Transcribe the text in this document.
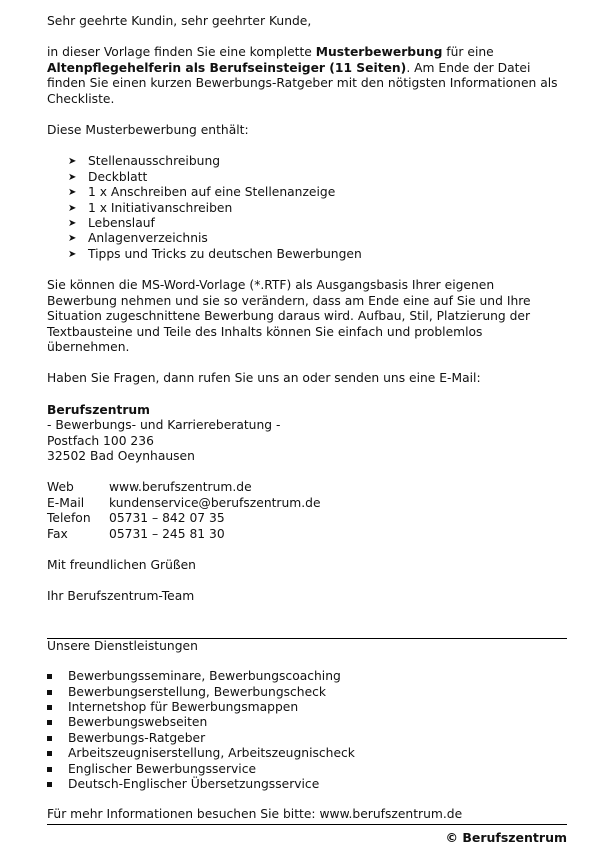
Sehr geehrte Kundin, sehr geehrter Kunde,

in dieser Vorlage finden Sie eine komplette Musterbewerbung für eine Altenpflegehelferin als Berufseinsteiger (11 Seiten). Am Ende der Datei finden Sie einen kurzen Bewerbungs-Ratgeber mit den nötigsten Informationen als Checkliste.

Diese Musterbewerbung enthält:

➤ Stellenausschreibung
➤ Deckblatt
➤ 1 x Anschreiben auf eine Stellenanzeige
➤ 1 x Initiativanschreiben
➤ Lebenslauf
➤ Anlagenverzeichnis
➤ Tipps und Tricks zu deutschen Bewerbungen

Sie können die MS-Word-Vorlage (*.RTF) als Ausgangsbasis Ihrer eigenen Bewerbung nehmen und sie so verändern, dass am Ende eine auf Sie und Ihre Situation zugeschnittene Bewerbung daraus wird. Aufbau, Stil, Platzierung der Textbausteine und Teile des Inhalts können Sie einfach und problemlos übernehmen.

Haben Sie Fragen, dann rufen Sie uns an oder senden uns eine E-Mail:

Berufszentrum

- Bewerbungs- und Karriereberatung -

Postfach 100 236

32502 Bad Oeynhausen

Web	www.berufszentrum.de
E-Mail	kundenservice@berufszentrum.de
Telefon	05731 – 842 07 35
Fax	05731 – 245 81 30

Mit freundlichen Grüßen

Ihr Berufszentrum-Team

Unsere Dienstleistungen
Bewerbungsseminare, Bewerbungscoaching
Bewerbungserstellung, Bewerbungscheck
Internetshop für Bewerbungsmappen
Bewerbungswebseiten
Bewerbungs-Ratgeber
Arbeitszeugniserstellung, Arbeitszeugnischeck
Englischer Bewerbungsservice
Deutsch-Englischer Übersetzungsservice
Für mehr Informationen besuchen Sie bitte: www.berufszentrum.de
© Berufszentrum
